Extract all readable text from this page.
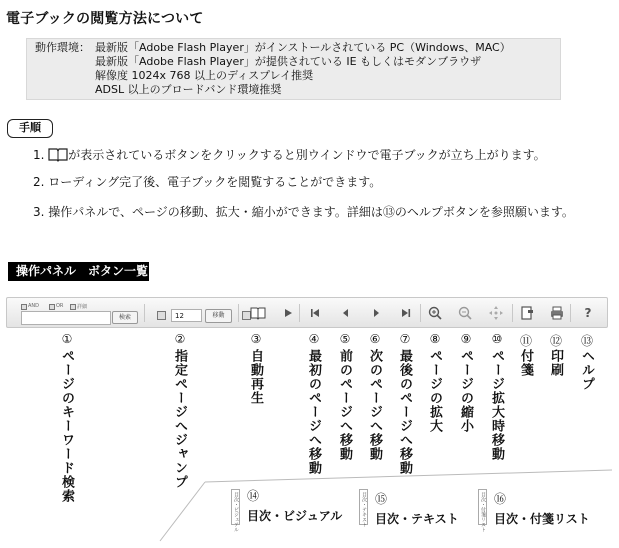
電子ブックの閲覧方法について
動作環境： 最新版「Adobe Flash Player」がインストールされている PC（Windows、MAC）
最新版「Adobe Flash Player」が提供されている IE もしくはモダンブラウザ
解像度 1024x 768 以上のディスプレイ推奨
ADSL 以上のブロードバンド環境推奨
手順
1. が表示されているボタンをクリックすると別ウインドウで電子ブックが立ち上がります。
2. ローディング完了後、電子ブックを閲覧することができます。
3. 操作パネルで、ページの移動、拡大・縮小ができます。詳細は⑬のヘルプボタンを参照願います。
操作パネル　ボタン一覧
AND	OR	詳細
検索	12	移動	?
①	②	③	④ ⑤ ⑥ ⑦ ⑧ ⑨ ⑩ ⑪ ⑫ ⑬
ページのキーワード検索	指定ページへジャンプ	自動再生	最初のページへ移動 前のページへ移動 次のページへ移動 最後のページへ移動 ページの拡大 ページの縮小 ページ拡大時移動 付箋 印刷 ヘルプ
目次・ビジュアル ⑭
目次・ビジュアル	目次・テキスト ⑮
目次・テキスト	目次・付箋リスト ⑯
目次・付箋リスト
